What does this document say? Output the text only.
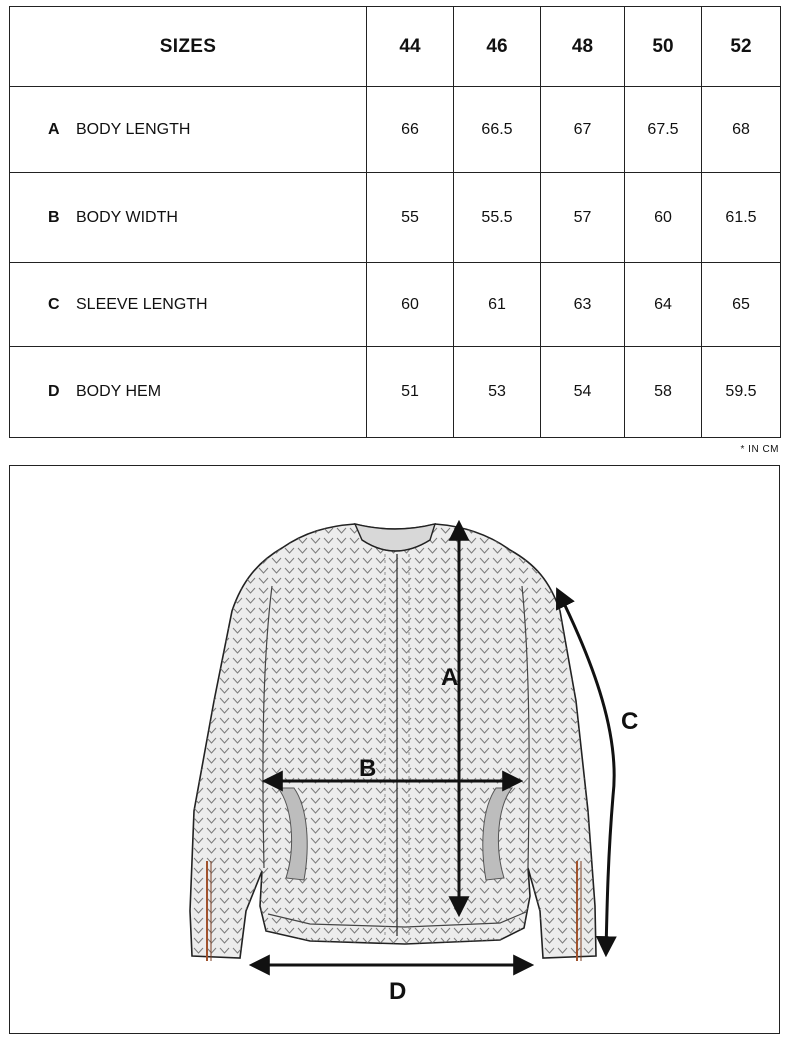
SIZES	44	46	48	50	52
A BODY LENGTH	66	66.5	67	67.5	68
B BODY WIDTH	55	55.5	57	60	61.5
C SLEEVE LENGTH	60	61	63	64	65
D BODY HEM	51	53	54	58	59.5
* IN CM
A
B
C
D
